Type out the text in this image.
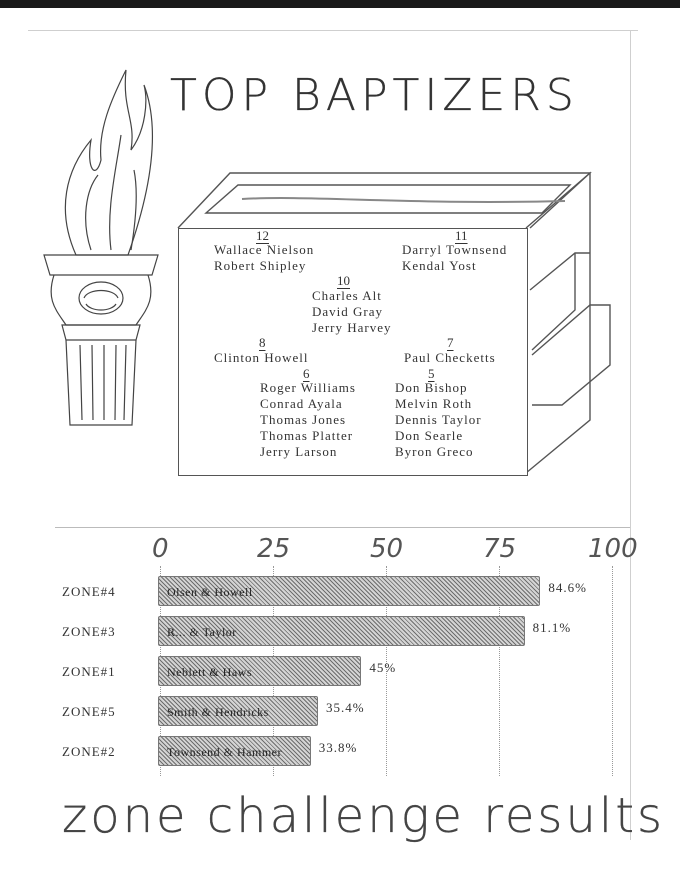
TOP BAPTIZERS
12
Wallace Nielson
Robert Shipley
11
Darryl Townsend
Kendal Yost
10
Charles Alt
David Gray
Jerry Harvey
8
Clinton Howell
7
Paul Checketts
6
Roger Williams
Conrad Ayala
Thomas Jones
Thomas Platter
Jerry Larson
5
Don Bishop
Melvin Roth
Dennis Taylor
Don Searle
Byron Greco
0	25	50	75	100
ZONE#4	Olsen & Howell	84.6%
ZONE#3	R... & Taylor	81.1%
ZONE#1	Neblett & Haws	45%
ZONE#5	Smith & Hendricks	35.4%
ZONE#2	Townsend & Hammer	33.8%
zone challenge results
